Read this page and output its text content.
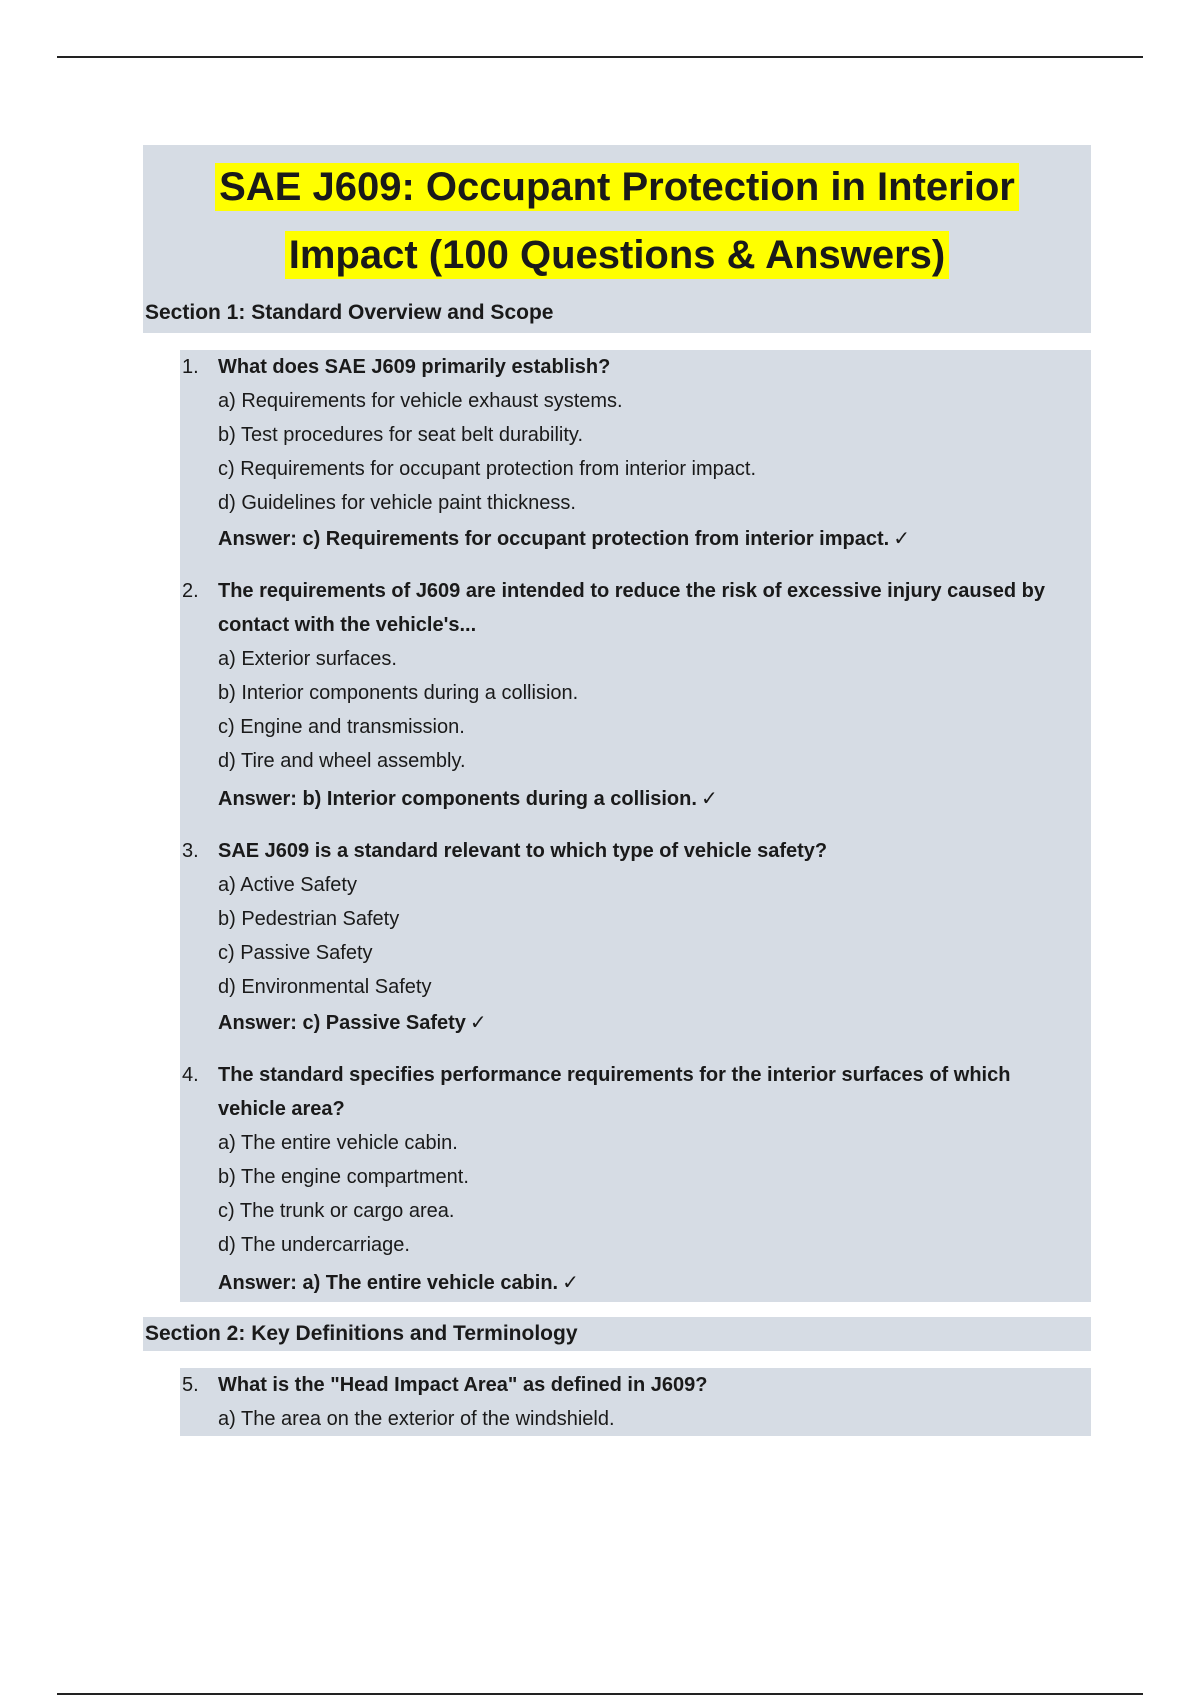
SAE J609: Occupant Protection in Interior
Impact (100 Questions & Answers)
Section 1: Standard Overview and Scope
1. What does SAE J609 primarily establish?
a) Requirements for vehicle exhaust systems.
b) Test procedures for seat belt durability.
c) Requirements for occupant protection from interior impact.
d) Guidelines for vehicle paint thickness.
Answer: c) Requirements for occupant protection from interior impact. ✓
2. The requirements of J609 are intended to reduce the risk of excessive injury caused by contact with the vehicle's...
a) Exterior surfaces.
b) Interior components during a collision.
c) Engine and transmission.
d) Tire and wheel assembly.
Answer: b) Interior components during a collision. ✓
3. SAE J609 is a standard relevant to which type of vehicle safety?
a) Active Safety
b) Pedestrian Safety
c) Passive Safety
d) Environmental Safety
Answer: c) Passive Safety ✓
4. The standard specifies performance requirements for the interior surfaces of which vehicle area?
a) The entire vehicle cabin.
b) The engine compartment.
c) The trunk or cargo area.
d) The undercarriage.
Answer: a) The entire vehicle cabin. ✓
Section 2: Key Definitions and Terminology
5. What is the "Head Impact Area" as defined in J609?
a) The area on the exterior of the windshield.
